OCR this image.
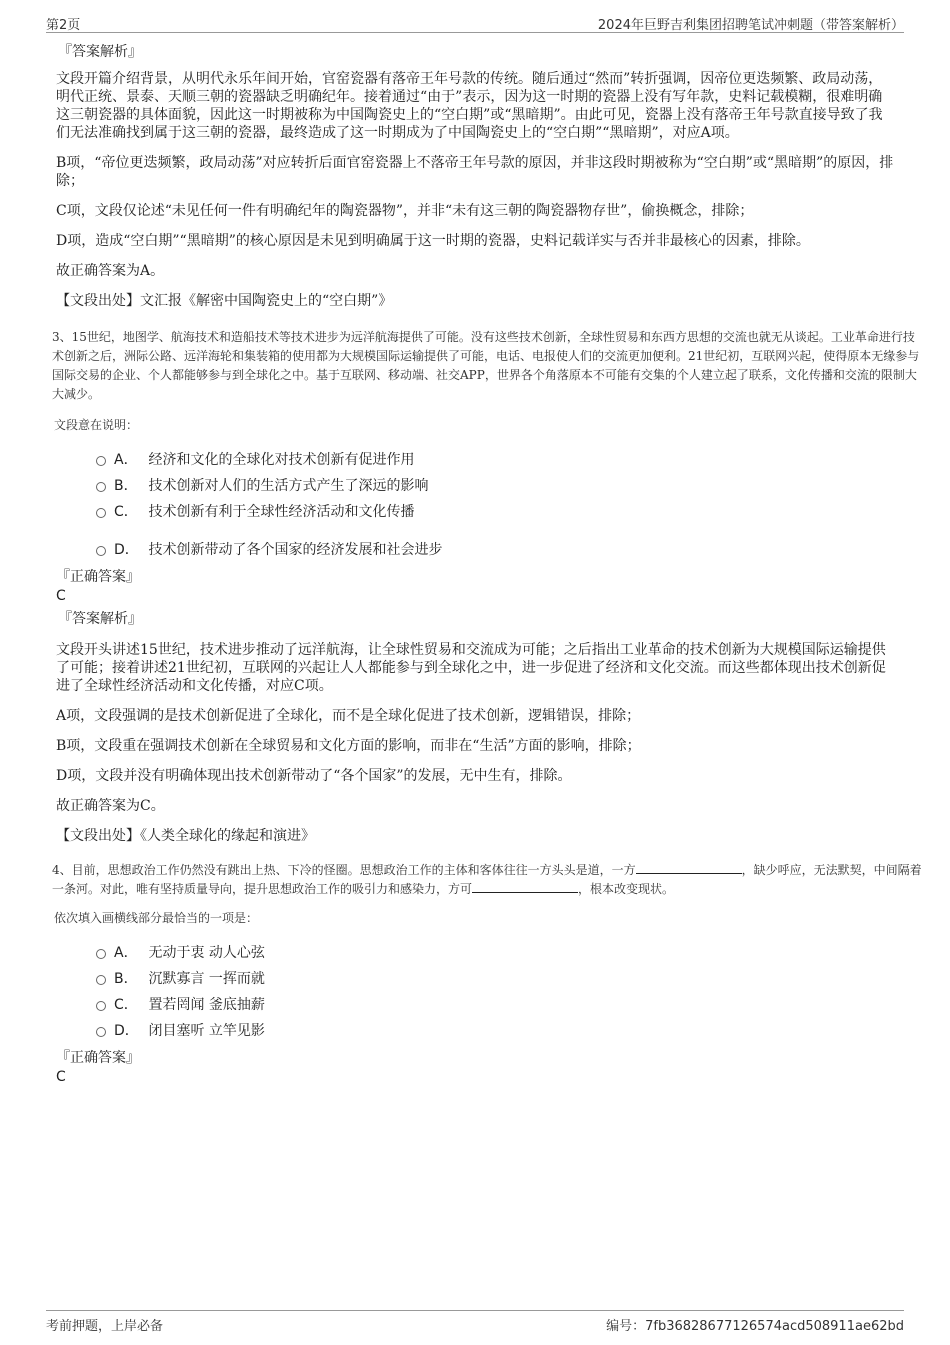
第2页	2024年巨野吉利集团招聘笔试冲刺题（带答案解析）
『答案解析』

文段开篇介绍背景，从明代永乐年间开始，官窑瓷器有落帝王年号款的传统。随后通过“然而”转折强调，因帝位更迭频繁、政局动荡，明代正统、景泰、天顺三朝的瓷器缺乏明确纪年。接着通过“由于”表示，因为这一时期的瓷器上没有写年款，史料记载模糊，很难明确这三朝瓷器的具体面貌，因此这一时期被称为中国陶瓷史上的“空白期”或“黑暗期”。由此可见，瓷器上没有落帝王年号款直接导致了我们无法准确找到属于这三朝的瓷器，最终造成了这一时期成为了中国陶瓷史上的“空白期”“黑暗期”，对应A项。

B项，“帝位更迭频繁，政局动荡”对应转折后面官窑瓷器上不落帝王年号款的原因，并非这段时期被称为“空白期”或“黑暗期”的原因，排除；

C项，文段仅论述“未见任何一件有明确纪年的陶瓷器物”，并非“未有这三朝的陶瓷器物存世”，偷换概念，排除；

D项，造成“空白期”“黑暗期”的核心原因是未见到明确属于这一时期的瓷器，史料记载详实与否并非最核心的因素，排除。

故正确答案为A。

【文段出处】文汇报《解密中国陶瓷史上的“空白期”》

3、15世纪，地图学、航海技术和造船技术等技术进步为远洋航海提供了可能。没有这些技术创新，全球性贸易和东西方思想的交流也就无从谈起。工业革命进行技术创新之后，洲际公路、远洋海轮和集装箱的使用都为大规模国际运输提供了可能，电话、电报使人们的交流更加便利。21世纪初，互联网兴起，使得原本无缘参与国际交易的企业、个人都能够参与到全球化之中。基于互联网、移动端、社交APP，世界各个角落原本不可能有交集的个人建立起了联系，文化传播和交流的限制大大减少。

文段意在说明：

A． 经济和文化的全球化对技术创新有促进作用
B． 技术创新对人们的生活方式产生了深远的影响
C． 技术创新有利于全球性经济活动和文化传播
D． 技术创新带动了各个国家的经济发展和社会进步
『正确答案』
C
『答案解析』

文段开头讲述15世纪，技术进步推动了远洋航海，让全球性贸易和交流成为可能；之后指出工业革命的技术创新为大规模国际运输提供了可能；接着讲述21世纪初，互联网的兴起让人人都能参与到全球化之中，进一步促进了经济和文化交流。而这些都体现出技术创新促进了全球性经济活动和文化传播，对应C项。

A项，文段强调的是技术创新促进了全球化，而不是全球化促进了技术创新，逻辑错误，排除；

B项，文段重在强调技术创新在全球贸易和文化方面的影响，而非在“生活”方面的影响，排除；

D项，文段并没有明确体现出技术创新带动了“各个国家”的发展，无中生有，排除。

故正确答案为C。

【文段出处】《人类全球化的缘起和演进》

4、目前，思想政治工作仍然没有跳出上热、下冷的怪圈。思想政治工作的主体和客体往往一方头头是道，一方	，缺少呼应，无法默契，中间隔着一条河。对此，唯有坚持质量导向，提升思想政治工作的吸引力和感染力，方可	，根本改变现状。

依次填入画横线部分最恰当的一项是：

A． 无动于衷 动人心弦
B． 沉默寡言 一挥而就
C． 置若罔闻 釜底抽薪
D． 闭目塞听 立竿见影
『正确答案』
C
考前押题，上岸必备	编号：7fb36828677126574acd508911ae62bd
